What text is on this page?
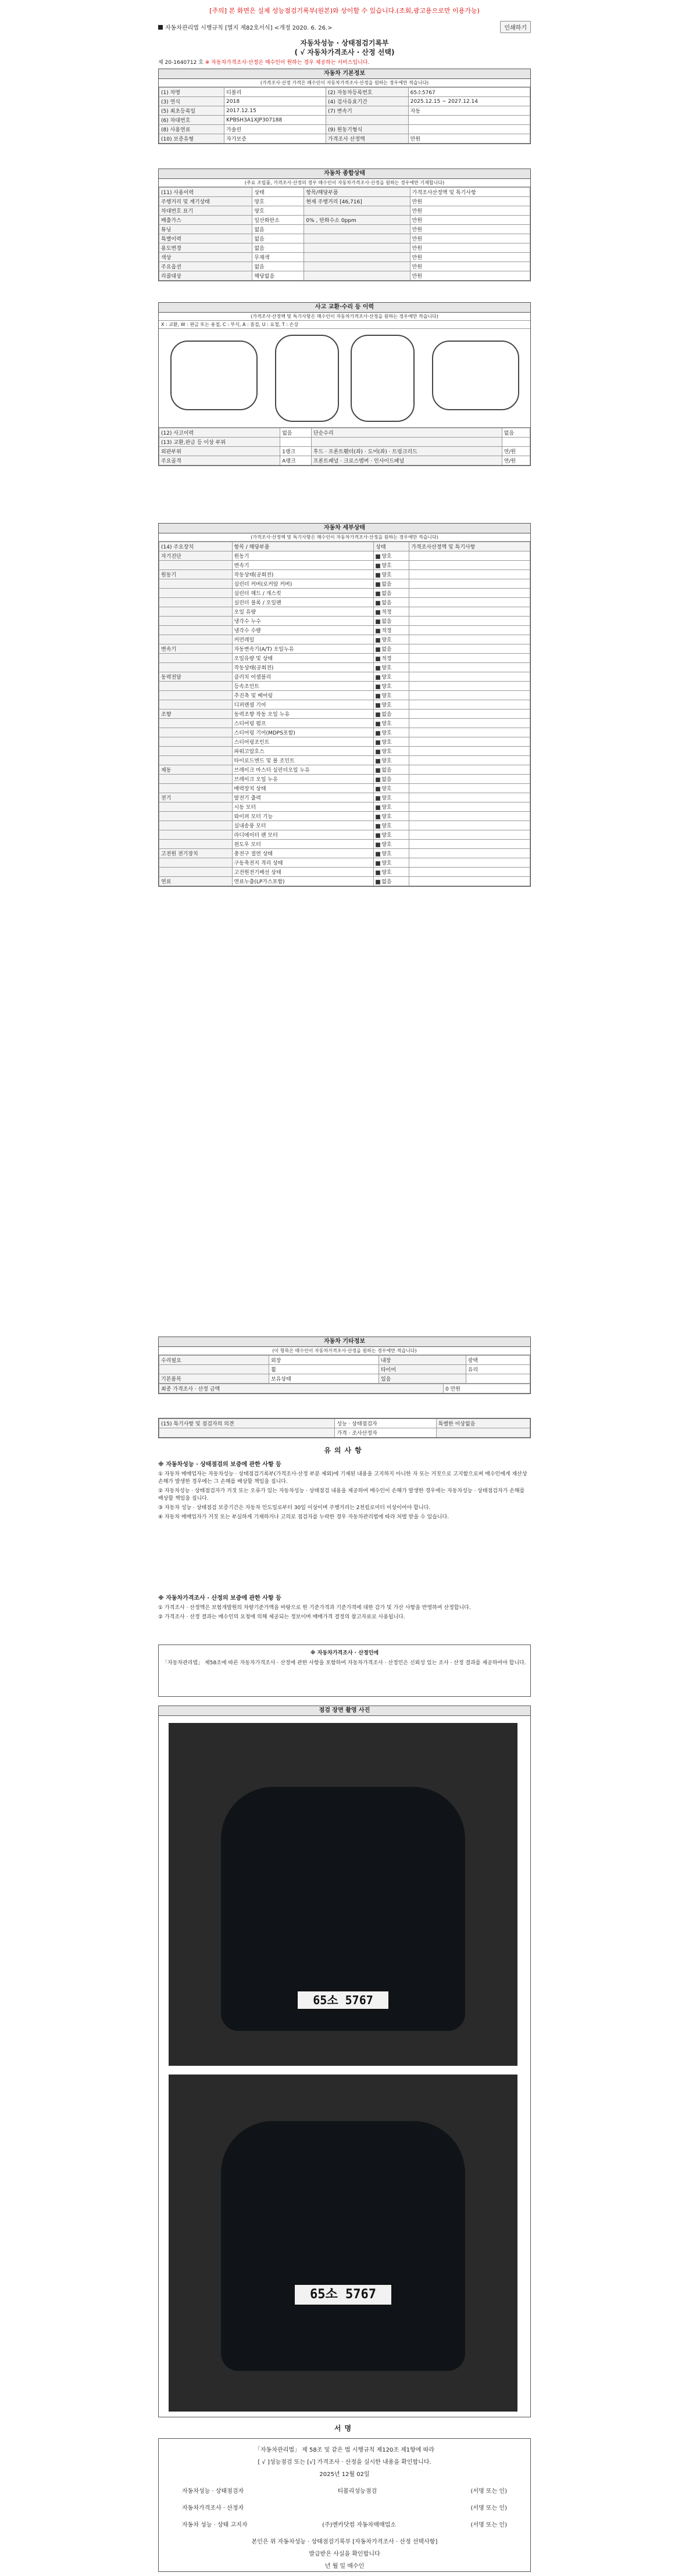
[주의] 본 화면은 실제 성능점검기록부(원본)와 상이할 수 있습니다.(조회,광고용으로만 이용가능)
자동차관리법 시행규칙 [별지 제82호서식] <개정 2020. 6. 26.>	인쇄하기
자동차성능 · 상태점검기록부
( √ 자동차가격조사 · 산정 선택)
제 20-1640712 호 ※ 자동차가격조사·산정은 매수인이 원하는 경우 제공하는 서비스입니다.
자동차 기본정보
(가격조사·산정 가격은 매수인이 자동차가격조사·산정을 원하는 경우에만 적습니다)
(1) 차명	티볼리	(2) 자동차등록번호	65소5767
(3) 연식	2018	(4) 검사유효기간	2025.12.15 ~ 2027.12.14
(5) 최초등록일	2017.12.15	(7) 변속기	자동
(6) 차대번호	KPBSH3A1XJP307188		
(8) 사용연료	가솔린	(9) 원동기형식	
(10) 보증유형	자가보증	가격조사 산정액	만원
자동차 종합상태
(주요 조립품, 가격조사·산정의 경우 매수인이 자동차가격조사·산정을 원하는 경우에만 기재합니다)
(11) 사용이력	상태	항목/해당부품	가격조사산정액 및 특기사항
주행거리 및 계기상태	양호	현재 주행거리 [46,716]	만원
차대번호 표기	양호		만원
배출가스	일산화탄소	0% , 탄화수소 0ppm	만원
튜닝	없음		만원
특별이력	없음		만원
용도변경	없음		만원
색상	무채색		만원
주요옵션	없음		만원
리콜대상	해당없음		만원
사고 교환·수리 등 이력
(가격조사·산정액 및 특기사항은 매수인이 자동차가격조사·산정을 원하는 경우에만 적습니다)
X : 교환, W : 판금 또는 용접, C : 부식, A : 흠집, U : 요철, T : 손상
(12) 사고이력	없음	단순수리	없음
(13) 교환,판금 등 이상 부위			
외판부위	1랭크	후드 · 프론트휀더(좌) · 도어(좌) · 트렁크리드	연/원
주요골격	A랭크	프론트패널 · 크로스멤버 · 인사이드패널	연/원
자동차 세부상태
(가격조사·산정액 및 특기사항은 매수인이 자동차가격조사·산정을 원하는 경우에만 적습니다)
(14) 주요장치	항목 / 해당부품	상태	가격조사산정액 및 특기사항
자기진단	원동기	양호	
	변속기	양호	
원동기	작동상태(공회전)	양호	
	실린더 커버(로커암 커버)	없음	
	실린더 헤드 / 개스킷	없음	
	실린더 블록 / 오일팬	없음	
	오일 유량	적정	
	냉각수 누수	없음	
	냉각수 수량	적정	
	커먼레일	양호	
변속기	자동변속기(A/T) 오일누유	없음	
	오일유량 및 상태	적정	
	작동상태(공회전)	양호	
동력전달	클러치 어셈블리	양호	
	등속조인트	양호	
	추진축 및 베어링	양호	
	디퍼렌셜 기어	양호	
조향	동력조향 작동 오일 누유	없음	
	스티어링 펌프	양호	
	스티어링 기어(MDPS포함)	양호	
	스티어링조인트	양호	
	파워고압호스	양호	
	타이로드엔드 및 볼 조인트	양호	
제동	브레이크 마스터 실린더오일 누유	없음	
	브레이크 오일 누유	없음	
	배력장치 상태	양호	
전기	발전기 출력	양호	
	시동 모터	양호	
	와이퍼 모터 기능	양호	
	실내송풍 모터	양호	
	라디에이터 팬 모터	양호	
	윈도우 모터	양호	
고전원 전기장치	충전구 절연 상태	양호	
	구동축전지 격리 상태	양호	
	고전원전기배선 상태	양호	
연료	연료누출(LP가스포함)	없음	
자동차 기타정보
(이 항목은 매수인이 자동차가격조사·산정을 원하는 경우에만 적습니다)
수리필요	외장	내장	광택
	휠	타이어	유리
기본품목	보유상태	있음	
최종 가격조사 · 산정 금액	0 만원
(15) 특기사항 및 점검자의 의견	성능 · 상태점검자	특별한 이상없음
	가격 · 조사산정자	
유의사항
※ 자동차성능 · 상태점검의 보증에 관한 사항 등

① 자동차 매매업자는 자동차성능 · 상태점검기록부(가격조사·산정 부분 제외)에 기재된 내용을 고지하지 아니한 자 또는 거짓으로 고지함으로써 매수인에게 재산상 손해가 발생한 경우에는 그 손해를 배상할 책임을 집니다.

② 자동차성능 · 상태점검자가 거짓 또는 오류가 있는 자동차성능 · 상태점검 내용을 제공하여 매수인이 손해가 발생한 경우에는 자동차성능 · 상태점검자가 손해를 배상할 책임을 집니다.

③ 자동차 성능 · 상태점검 보증기간은 자동차 인도일로부터 30일 이상이며 주행거리는 2천킬로미터 이상이어야 합니다.

④ 자동차 매매업자가 거짓 또는 부실하게 기재하거나 고의로 점검자를 누락한 경우 자동차관리법에 따라 처벌 받을 수 있습니다.

※ 자동차가격조사 · 산정의 보증에 관한 사항 등

① 가격조사 · 산정액은 보험개발원의 차량기준가액을 바탕으로 한 기준가격과 기준가격에 대한 감가 및 가산 사항을 반영하여 산정합니다.

② 가격조사 · 산정 결과는 매수인의 요청에 의해 제공되는 정보이며 매매가격 결정의 참고자료로 사용됩니다.

※ 자동차가격조사 · 산정인에
「자동차관리법」 제58조에 따른 자동차가격조사 · 산정에 관한 사항을 포함하여 자동차가격조사 · 산정인은 신뢰성 있는 조사 · 산정 결과를 제공하여야 합니다.
점검 장면 촬영 사진
65소 5767
65소 5767
서명
「자동차관리법」 제 58조 및 같은 법 시행규칙 제120조 제1항에 따라
[ √ ]성능점검 또는 [√] 가격조사 · 산정을 실시한 내용을 확인합니다.
2025년 12월 02일
자동차성능 · 상태점검자	티볼리성능점검	(서명 또는 인)
자동차가격조사 · 산정자	(서명 또는 인)
자동차 성능 · 상태 고지자	(주)엔카닷컴 자동차매매업소	(서명 또는 인)
본인은 위 자동차성능 · 상태점검기록부 [자동차가격조사 · 산정 선택사항]
발급받은 사실을 확인합니다
년 월 일 매수인
